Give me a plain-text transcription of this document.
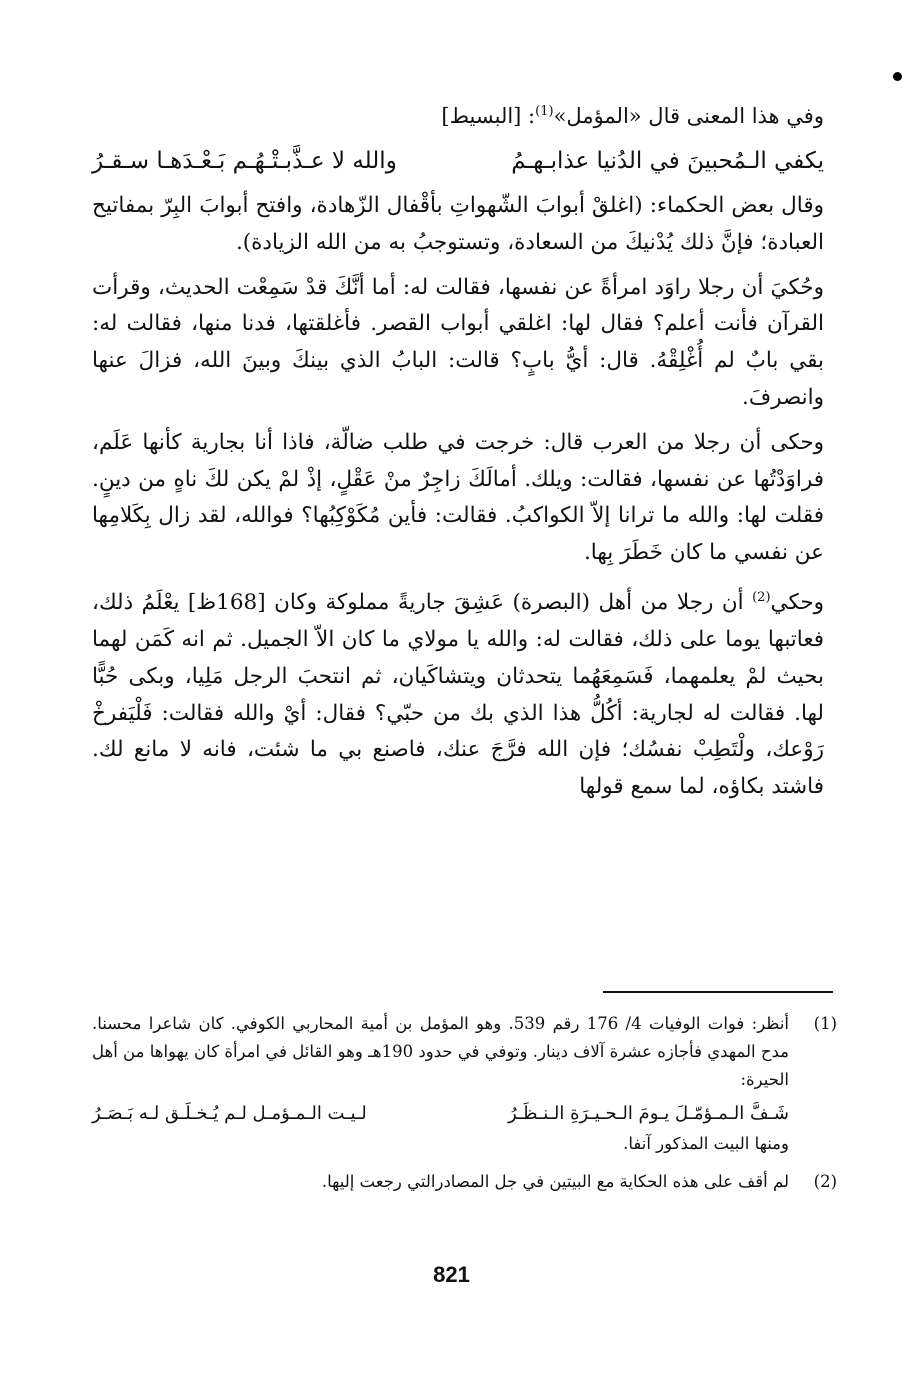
وفي هذا المعنى قال «المؤمل»$^{(1)}$: [البسيط]

يكفي الـمُحبينَ في الدُنيا عذابـهـمُ
والله لا عـذَّبـتْـهُـم بَـعْـدَهـا سـقـرُ

وقال بعض الحكماء: (اغلقْ أبوابَ الشّهواتِ بأقْفال الزّهادة، وافتح أبوابَ البِرّ بمفاتيح العبادة؛ فإنَّ ذلك يُدْنيكَ من السعادة، وتستوجبُ به من الله الزيادة).

وحُكيَ أن رجلا راوَد امرأةً عن نفسها، فقالت له: أما أنَّكَ قدْ سَمِعْت الحديث، وقرأت القرآن فأنت أعلم؟ فقال لها: اغلقي أبواب القصر. فأغلقتها، فدنا منها، فقالت له: بقي بابٌ لم أُغْلِقْهُ. قال: أيُّ بابٍ؟ قالت: البابُ الذي بينكَ وبينَ الله، فزالَ عنها وانصرفَ.

وحكى أن رجلا من العرب قال: خرجت في طلب ضالّة، فاذا أنا بجارية كأنها عَلَم، فراوَدْتُها عن نفسها، فقالت: ويلك. أمالَكَ زاجِرٌ منْ عَقْلٍ، إذْ لمْ يكن لكَ ناهٍ من دينٍ. فقلت لها: والله ما ترانا إلاّ الكواكبُ. فقالت: فأين مُكَوْكِبُها؟ فوالله، لقد زال بِكَلامِها عن نفسي ما كان خَطَرَ بِها.

وحكي$^{(2)}$ أن رجلا من أهل (البصرة) عَشِقَ جاريةً مملوكة وكان [168ظ] يعْلَمُ ذلك، فعاتبها يوما على ذلك، فقالت له: والله يا مولاي ما كان الاّ الجميل. ثم انه كَمَن لهما بحيث لمْ يعلمهما، فَسَمِعَهُما يتحدثان ويتشاكَيان، ثم انتحبَ الرجل مَلِيا، وبكى حُبًّا لها. فقالت له لجارية: أكُلُّ هذا الذي بك من حبّي؟ فقال: أيْ والله فقالت: فَلْيَفرخْ رَوْعك، ولْتَطِبْ نفسُك؛ فإن الله فرَّجَ عنك، فاصنع بي ما شئت، فانه لا مانع لك. فاشتد بكاؤه، لما سمع قولها

(1)
أنظر: فوات الوفيات 4/ 176 رقم 539. وهو المؤمل بن أمية المحاربي الكوفي. كان شاعرا محسنا. مدح المهدي فأجازه عشرة آلاف دينار. وتوفي في حدود 190هـ وهو القائل في امرأة كان يهواها من أهل الحيرة:
شَـفَّ الـمـؤمّـلَ يـومَ الـحـيـرَةِ الـنـظَـرُ
لـيـت الـمـؤمـل لـم يُـخـلَـق لـه بَـصَـرُ
ومنها البيت المذكور آنفا.
(2)
لم أقف على هذه الحكاية مع البيتين في جل المصادرالتي رجعت إليها.
821
